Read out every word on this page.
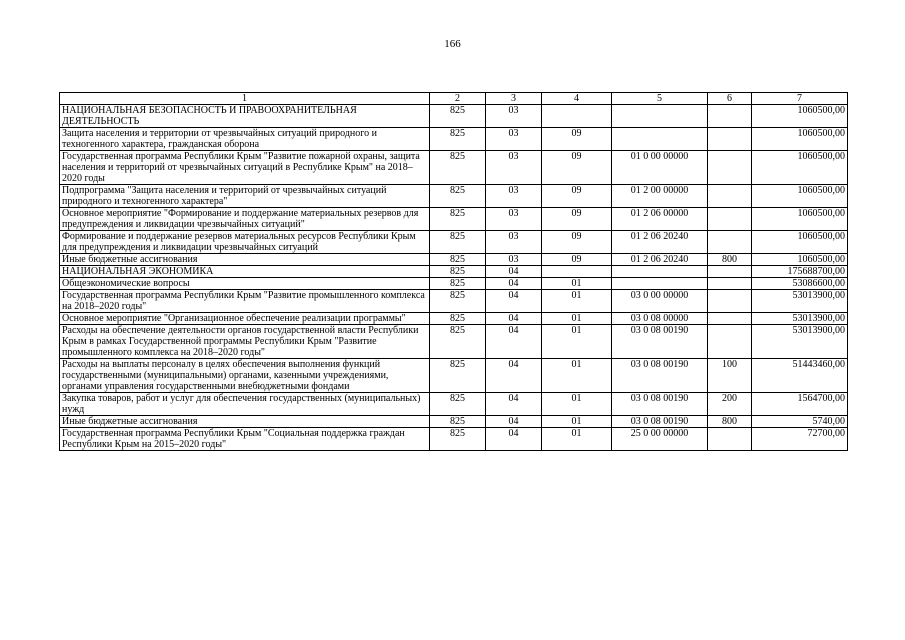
166
1	2	3	4	5	6	7
НАЦИОНАЛЬНАЯ БЕЗОПАСНОСТЬ И ПРАВООХРАНИТЕЛЬНАЯ ДЕЯТЕЛЬНОСТЬ	825	03				1060500,00
Защита населения и территории от чрезвычайных ситуаций природного и техногенного характера, гражданская оборона	825	03	09			1060500,00
Государственная программа Республики Крым "Развитие пожарной охраны, защита населения и территорий от чрезвычайных ситуаций в Республике Крым" на 2018–2020 годы	825	03	09	01 0 00 00000		1060500,00
Подпрограмма "Защита населения и территорий от чрезвычайных ситуаций природного и техногенного характера"	825	03	09	01 2 00 00000		1060500,00
Основное мероприятие "Формирование и поддержание материальных резервов для предупреждения и ликвидации чрезвычайных ситуаций"	825	03	09	01 2 06 00000		1060500,00
Формирование и поддержание резервов материальных ресурсов Республики Крым для предупреждения и ликвидации чрезвычайных ситуаций	825	03	09	01 2 06 20240		1060500,00
Иные бюджетные ассигнования	825	03	09	01 2 06 20240	800	1060500,00
НАЦИОНАЛЬНАЯ ЭКОНОМИКА	825	04				175688700,00
Общеэкономические вопросы	825	04	01			53086600,00
Государственная программа Республики Крым "Развитие промышленного комплекса на 2018–2020 годы"	825	04	01	03 0 00 00000		53013900,00
Основное мероприятие "Организационное обеспечение реализации программы"	825	04	01	03 0 08 00000		53013900,00
Расходы на обеспечение деятельности органов государственной власти Республики Крым в рамках Государственной программы Республики Крым "Развитие промышленного комплекса на 2018–2020 годы"	825	04	01	03 0 08 00190		53013900,00
Расходы на выплаты персоналу в целях обеспечения выполнения функций государственными (муниципальными) органами, казенными учреждениями, органами управления государственными внебюджетными фондами	825	04	01	03 0 08 00190	100	51443460,00
Закупка товаров, работ и услуг для обеспечения государственных (муниципальных) нужд	825	04	01	03 0 08 00190	200	1564700,00
Иные бюджетные ассигнования	825	04	01	03 0 08 00190	800	5740,00
Государственная программа Республики Крым "Социальная поддержка граждан Республики Крым на 2015–2020 годы"	825	04	01	25 0 00 00000		72700,00
